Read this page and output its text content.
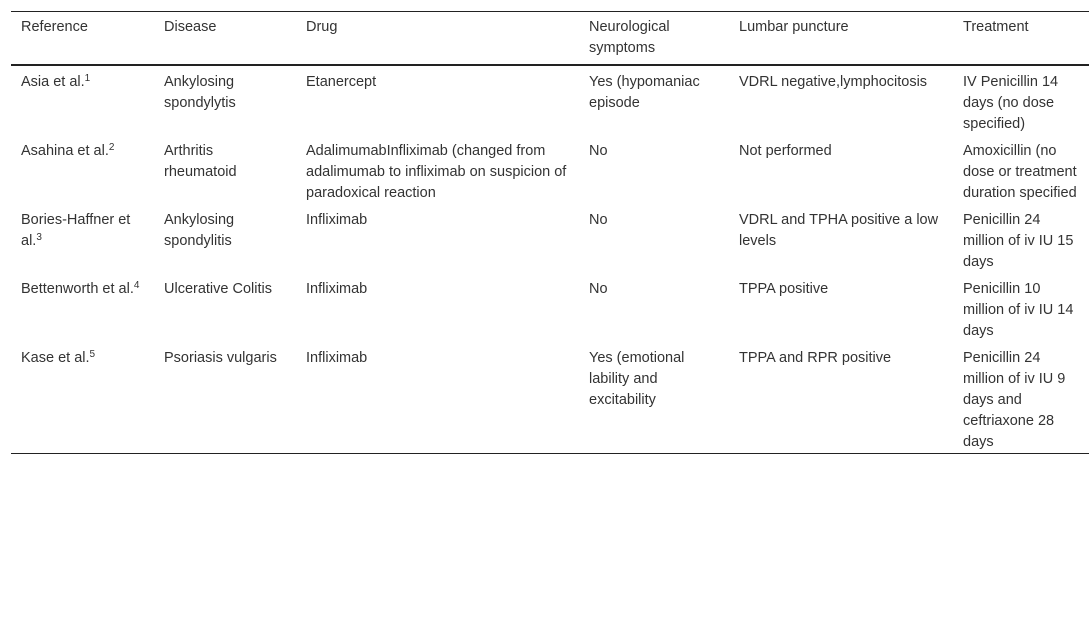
Reference	Disease	Drug	Neurological symptoms	Lumbar puncture	Treatment
Asia et al.$^1$	Ankylosing spondylytis	Etanercept	Yes (hypomaniac episode	VDRL negative,lymphocitosis	IV Penicillin 14 days (no dose specified)
Asahina et al.$^2$	Arthritis rheumatoid	AdalimumabInfliximab (changed from adalimumab to infliximab on suspicion of paradoxical reaction	No	Not performed	Amoxicillin (no dose or treatment duration specified
Bories-Haffner et al.$^3$	Ankylosing spondylitis	Infliximab	No	VDRL and TPHA positive a low levels	Penicillin 24 million of iv IU 15 days
Bettenworth et al.$^4$	Ulcerative Colitis	Infliximab	No	TPPA positive	Penicillin 10 million of iv IU 14 days
Kase et al.$^5$	Psoriasis vulgaris	Infliximab	Yes (emotional lability and excitability	TPPA and RPR positive	Penicillin 24 million of iv IU 9 days and ceftriaxone 28 days
